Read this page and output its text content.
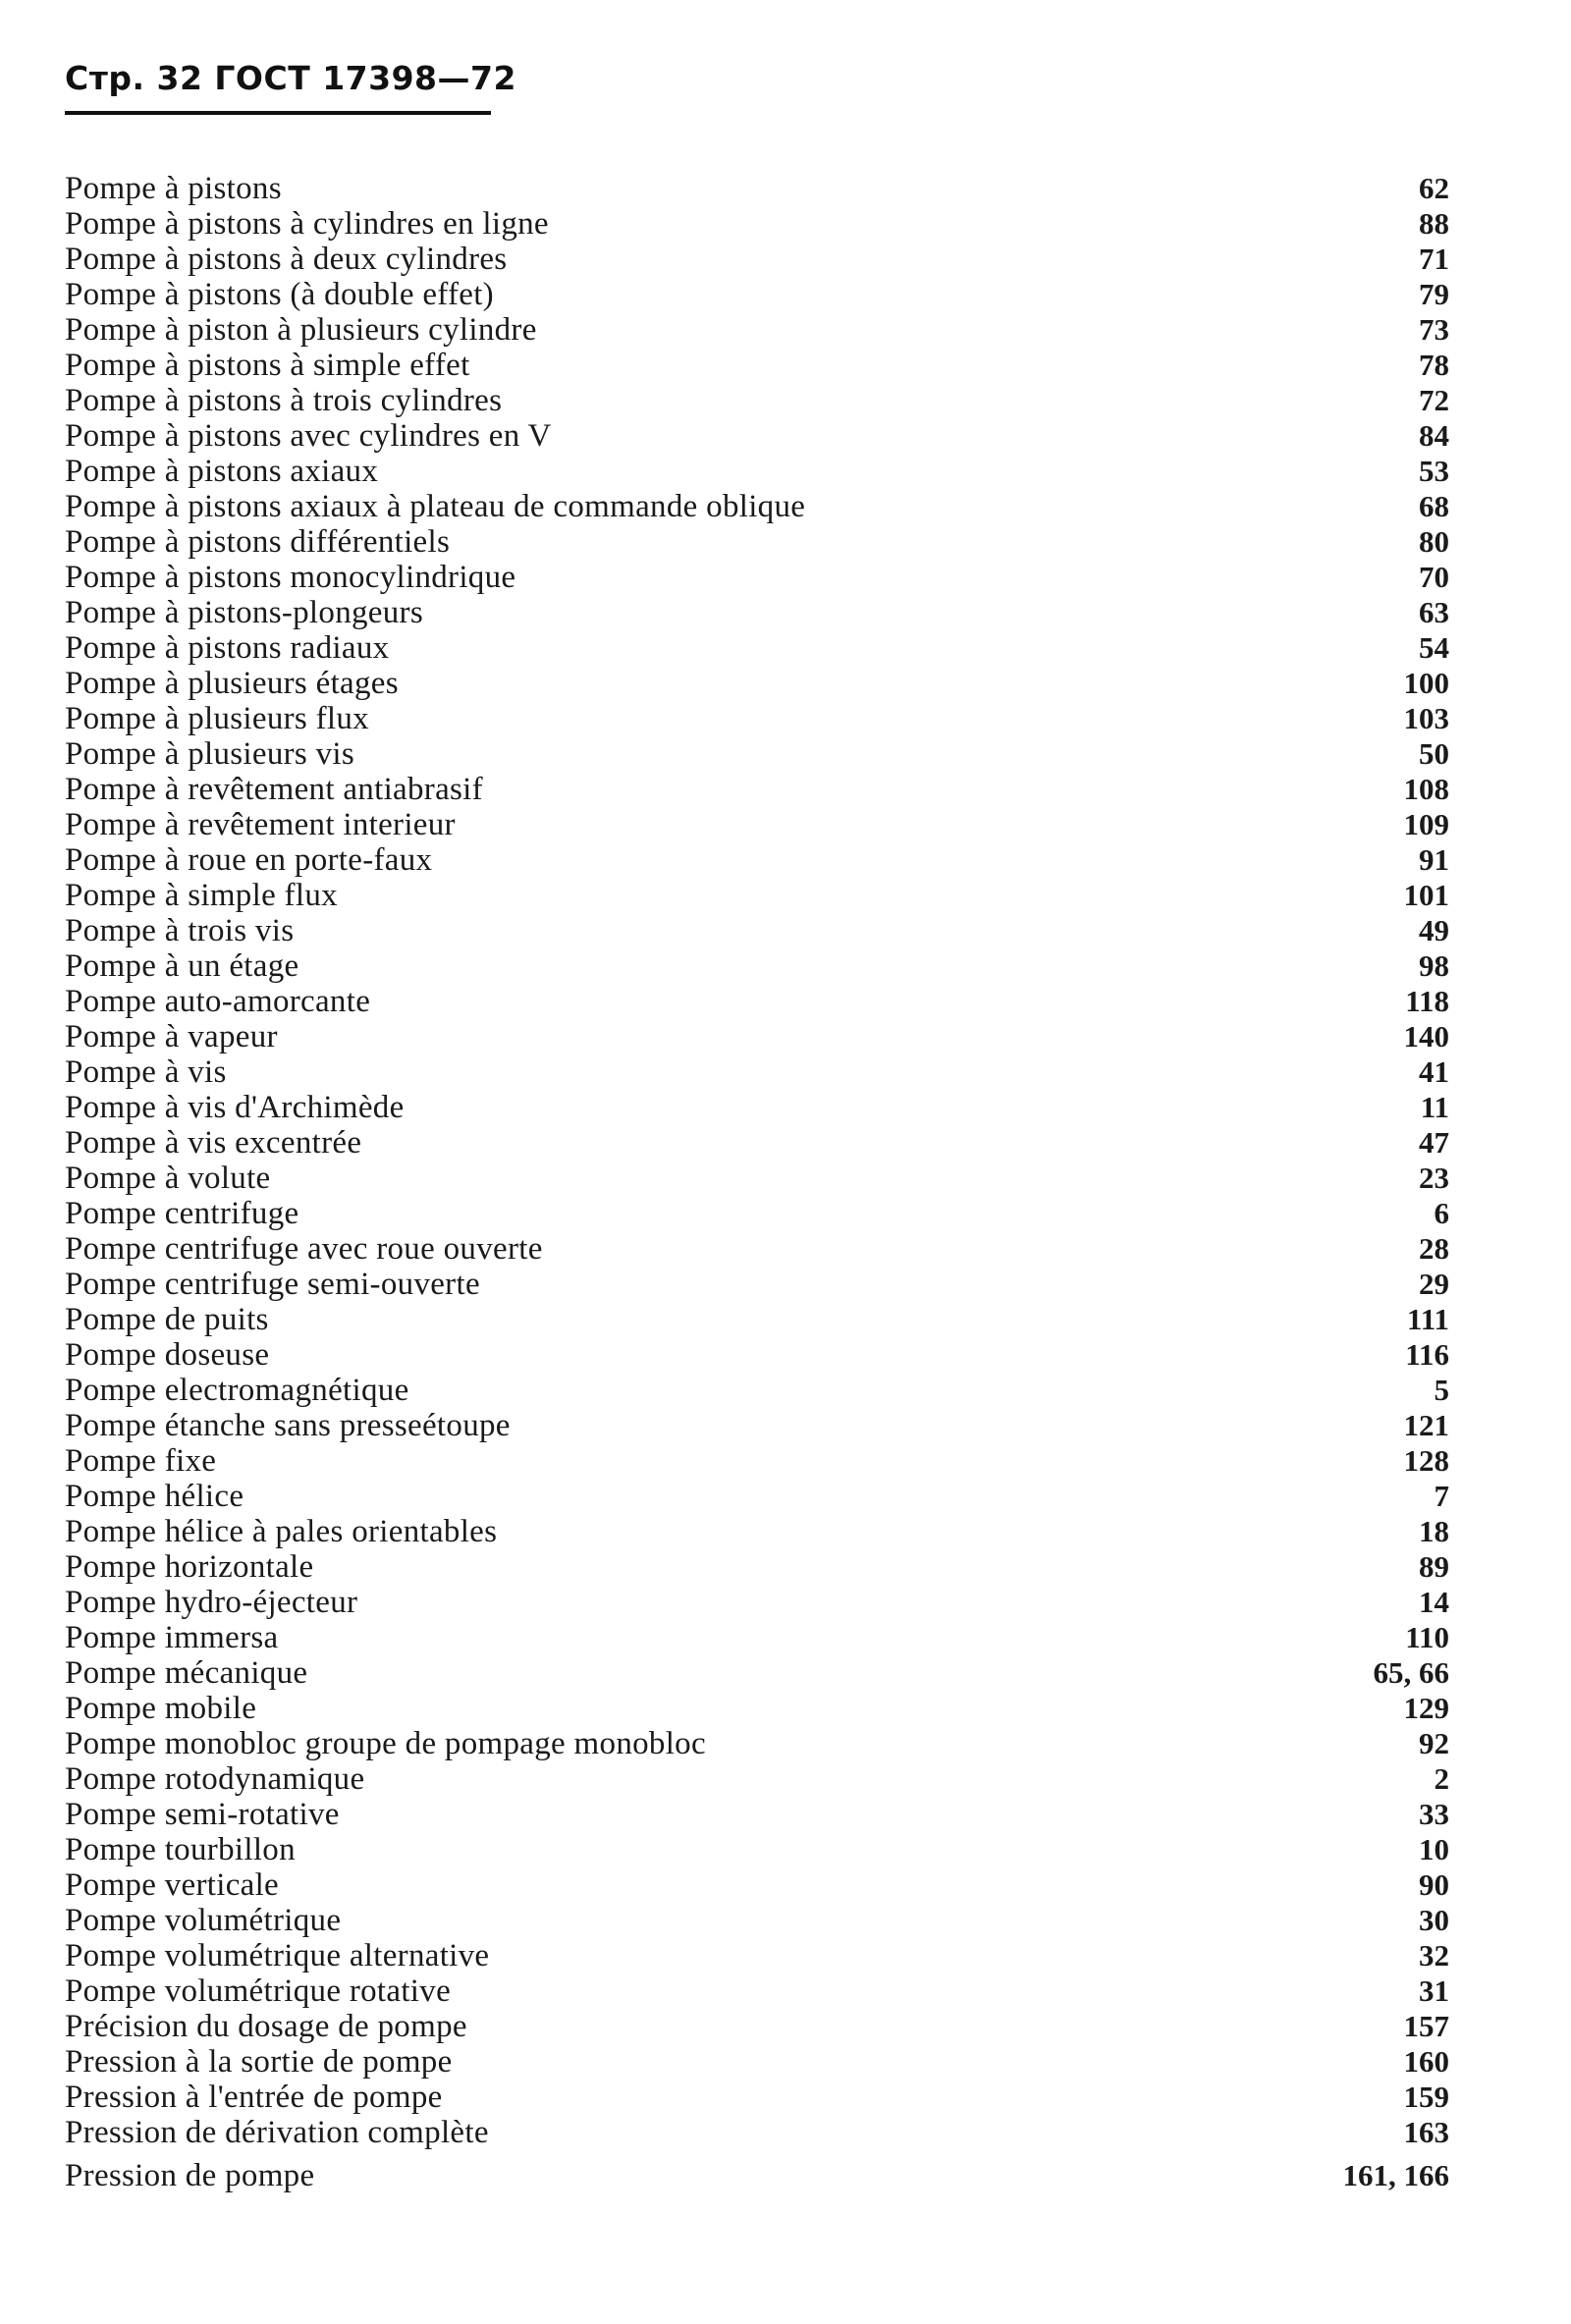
Стр. 32 ГОСТ 17398—72
Pompe à pistons	62
Pompe à pistons à cylindres en ligne	88
Pompe à pistons à deux cylindres	71
Pompe à pistons (à double effet)	79
Pompe à piston à plusieurs cylindre	73
Pompe à pistons à simple effet	78
Pompe à pistons à trois cylindres	72
Pompe à pistons avec cylindres en V	84
Pompe à pistons axiaux	53
Pompe à pistons axiaux à plateau de commande oblique	68
Pompe à pistons différentiels	80
Pompe à pistons monocylindrique	70
Pompe à pistons-plongeurs	63
Pompe à pistons radiaux	54
Pompe à plusieurs étages	100
Pompe à plusieurs flux	103
Pompe à plusieurs vis	50
Pompe à revêtement antiabrasif	108
Pompe à revêtement interieur	109
Pompe à roue en porte-faux	91
Pompe à simple flux	101
Pompe à trois vis	49
Pompe à un étage	98
Pompe auto-amorcante	118
Pompe à vapeur	140
Pompe à vis	41
Pompe à vis d'Archimède	11
Pompe à vis excentrée	47
Pompe à volute	23
Pompe centrifuge	6
Pompe centrifuge avec roue ouverte	28
Pompe centrifuge semi-ouverte	29
Pompe de puits	111
Pompe doseuse	116
Pompe electromagnétique	5
Pompe étanche sans presseétoupe	121
Pompe fixe	128
Pompe hélice	7
Pompe hélice à pales orientables	18
Pompe horizontale	89
Pompe hydro-éjecteur	14
Pompe immersa	110
Pompe mécanique	65, 66
Pompe mobile	129
Pompe monobloc groupe de pompage monobloc	92
Pompe rotodynamique	2
Pompe semi-rotative	33
Pompe tourbillon	10
Pompe verticale	90
Pompe volumétrique	30
Pompe volumétrique alternative	32
Pompe volumétrique rotative	31
Précision du dosage de pompe	157
Pression à la sortie de pompe	160
Pression à l'entrée de pompe	159
Pression de dérivation complète	163
Pression de pompe	161, 166
